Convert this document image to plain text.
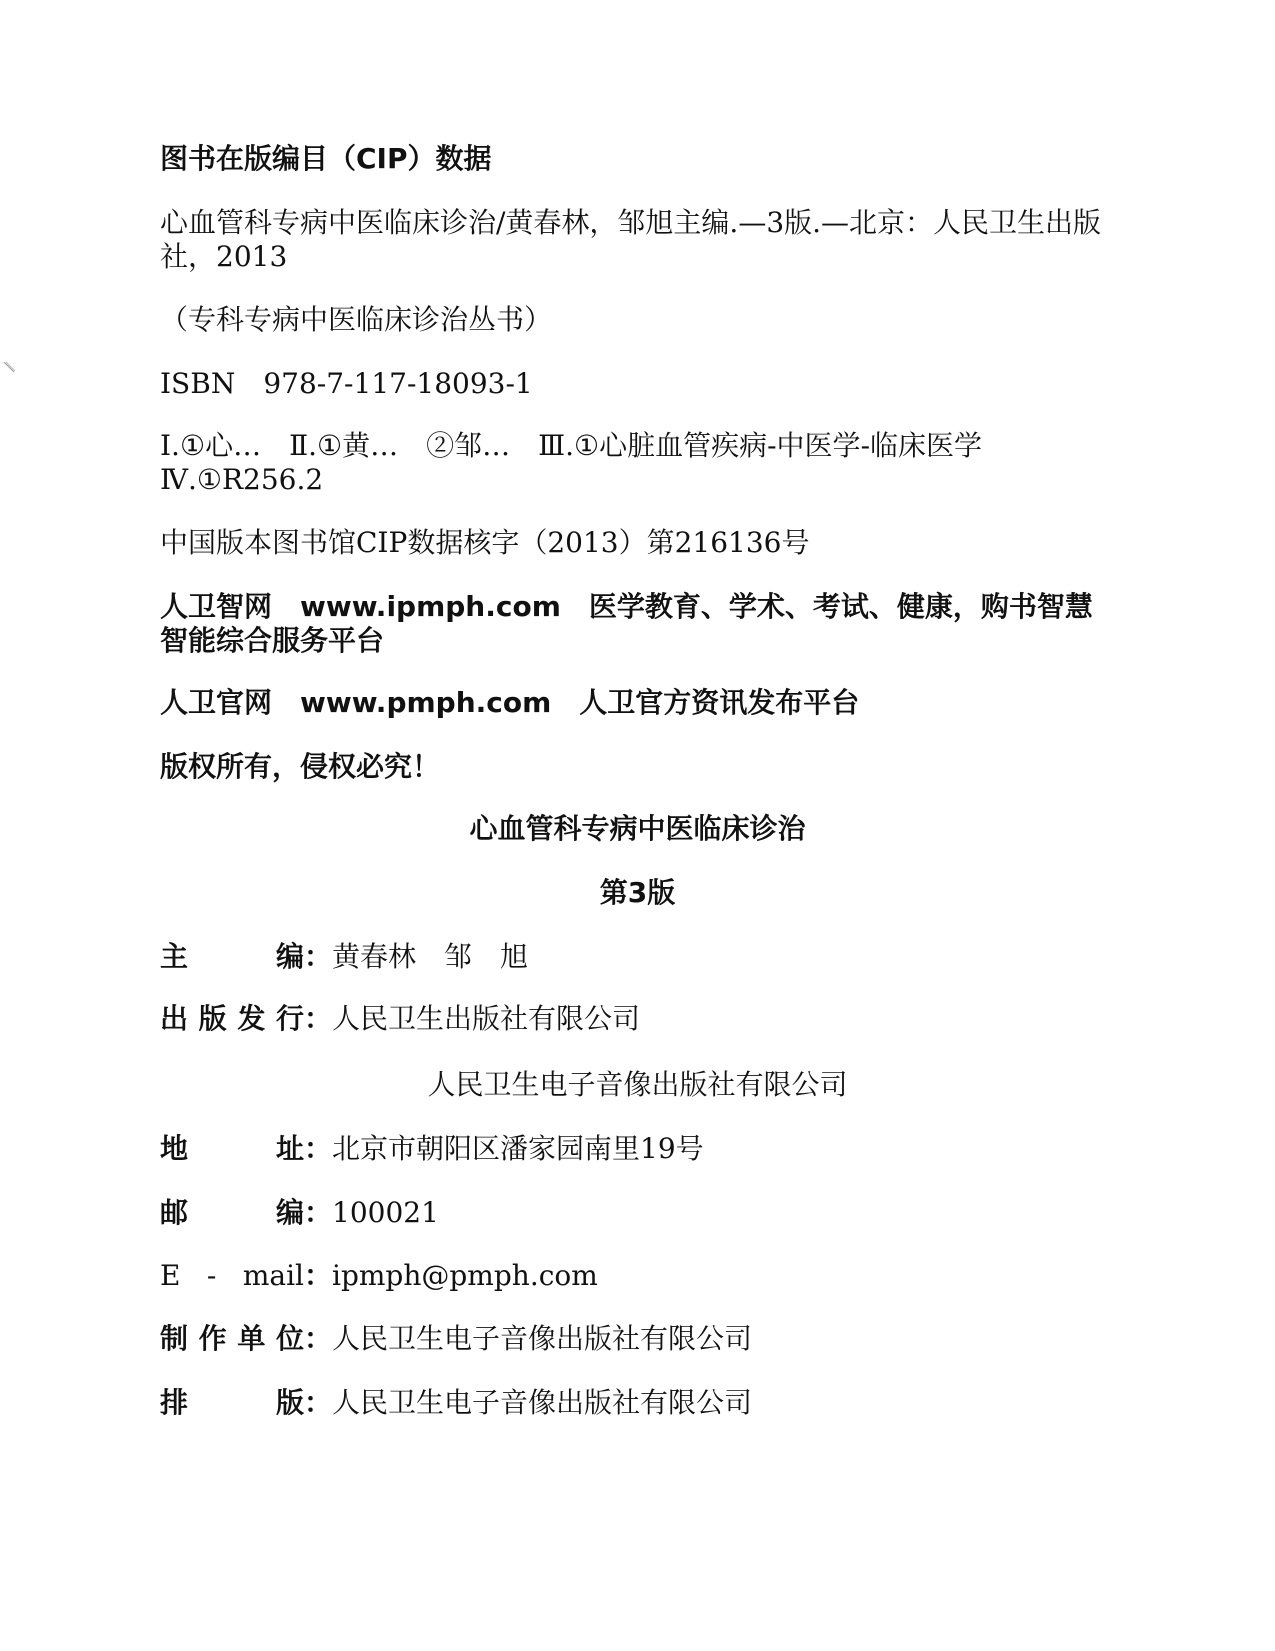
图书在版编目（CIP）数据

心血管科专病中医临床诊治/黄春林，邹旭主编.—3版.—北京：人民卫生出版社，2013

（专科专病中医临床诊治丛书）

ISBN　978-7-117-18093-1

Ⅰ.①心…　Ⅱ.①黄…　②邹…　Ⅲ.①心脏血管疾病-中医学-临床医学　Ⅳ.①R256.2

中国版本图书馆CIP数据核字（2013）第216136号

人卫智网　www.ipmph.com　医学教育、学术、考试、健康，购书智慧智能综合服务平台

人卫官网　www.pmph.com　人卫官方资讯发布平台

版权所有，侵权必究！

心血管科专病中医临床诊治

第3版

主编 ： 黄春林　邹　旭
出版发行 ： 人民卫生出版社有限公司

人民卫生电子音像出版社有限公司

地址 ： 北京市朝阳区潘家园南里19号
邮编 ： 100021
E - mail ： ipmph@pmph.com
制作单位 ： 人民卫生电子音像出版社有限公司
排版 ： 人民卫生电子音像出版社有限公司
